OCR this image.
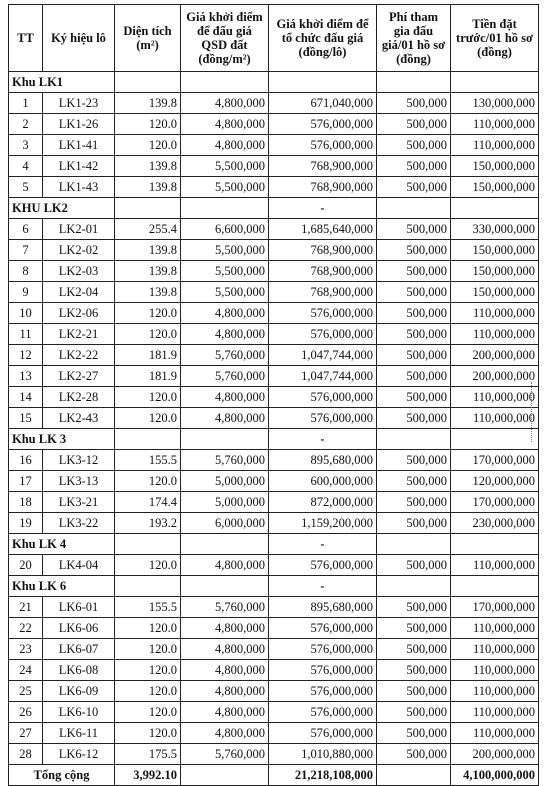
TT	Ký hiệu lô	Diện tích (m²)	Giá khởi điểm để đấu giá QSD đất (đồng/m²)	Giá khởi điểm để tổ chức đấu giá (đồng/lô)	Phí tham gia đấu giá/01 hồ sơ (đồng)	Tiền đặt trước/01 hồ sơ (đồng)
Khu LK1						
1	LK1-23	139.8	4,800,000	671,040,000	500,000	130,000,000
2	LK1-26	120.0	4,800,000	576,000,000	500,000	110,000,000
3	LK1-41	120.0	4,800,000	576,000,000	500,000	110,000,000
4	LK1-42	139.8	5,500,000	768,900,000	500,000	150,000,000
5	LK1-43	139.8	5,500,000	768,900,000	500,000	150,000,000
KHU LK2				-		
6	LK2-01	255.4	6,600,000	1,685,640,000	500,000	330,000,000
7	LK2-02	139.8	5,500,000	768,900,000	500,000	150,000,000
8	LK2-03	139.8	5,500,000	768,900,000	500,000	150,000,000
9	LK2-04	139.8	5,500,000	768,900,000	500,000	150,000,000
10	LK2-06	120.0	4,800,000	576,000,000	500,000	110,000,000
11	LK2-21	120.0	4,800,000	576,000,000	500,000	110,000,000
12	LK2-22	181.9	5,760,000	1,047,744,000	500,000	200,000,000
13	LK2-27	181.9	5,760,000	1,047,744,000	500,000	200,000,000
14	LK2-28	120.0	4,800,000	576,000,000	500,000	110,000,000
15	LK2-43	120.0	4,800,000	576,000,000	500,000	110,000,000
Khu LK 3				-		
16	LK3-12	155.5	5,760,000	895,680,000	500,000	170,000,000
17	LK3-13	120.0	5,000,000	600,000,000	500,000	120,000,000
18	LK3-21	174.4	5,000,000	872,000,000	500,000	170,000,000
19	LK3-22	193.2	6,000,000	1,159,200,000	500,000	230,000,000
Khu LK 4				-		
20	LK4-04	120.0	4,800,000	576,000,000	500,000	110,000,000
Khu LK 6				-		
21	LK6-01	155.5	5,760,000	895,680,000	500,000	170,000,000
22	LK6-06	120.0	4,800,000	576,000,000	500,000	110,000,000
23	LK6-07	120.0	4,800,000	576,000,000	500,000	110,000,000
24	LK6-08	120.0	4,800,000	576,000,000	500,000	110,000,000
25	LK6-09	120.0	4,800,000	576,000,000	500,000	110,000,000
26	LK6-10	120.0	4,800,000	576,000,000	500,000	110,000,000
27	LK6-11	120.0	4,800,000	576,000,000	500,000	110,000,000
28	LK6-12	175.5	5,760,000	1,010,880,000	500,000	200,000,000
Tổng cộng		3,992.10		21,218,108,000		4,100,000,000
